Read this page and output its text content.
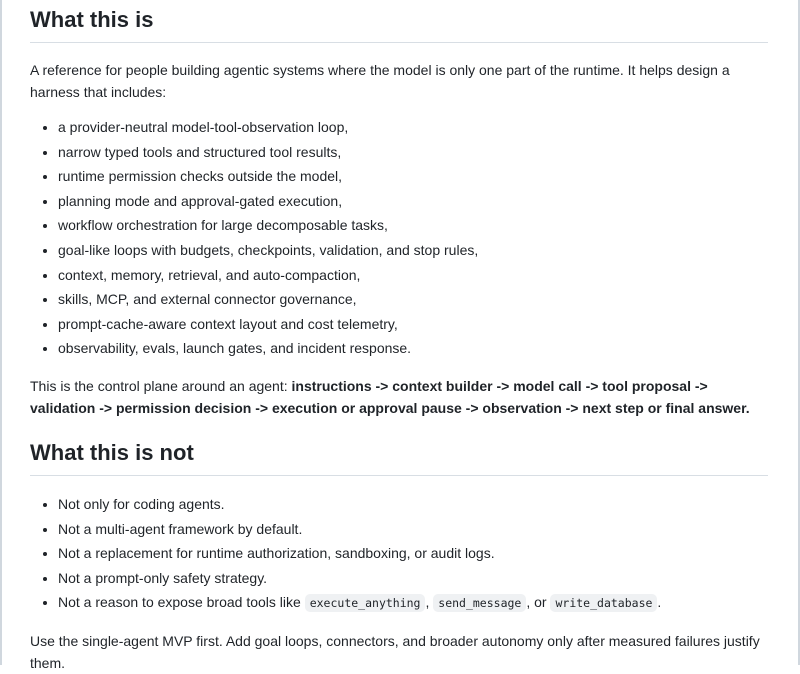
What this is

A reference for people building agentic systems where the model is only one part of the runtime. It helps design a harness that includes:

• a provider-neutral model-tool-observation loop,
• narrow typed tools and structured tool results,
• runtime permission checks outside the model,
• planning mode and approval-gated execution,
• workflow orchestration for large decomposable tasks,
• goal-like loops with budgets, checkpoints, validation, and stop rules,
• context, memory, retrieval, and auto-compaction,
• skills, MCP, and external connector governance,
• prompt-cache-aware context layout and cost telemetry,
• observability, evals, launch gates, and incident response.

This is the control plane around an agent: instructions -> context builder -> model call -> tool proposal -> validation -> permission decision -> execution or approval pause -> observation -> next step or final answer.

What this is not
• Not only for coding agents.
• Not a multi-agent framework by default.
• Not a replacement for runtime authorization, sandboxing, or audit logs.
• Not a prompt-only safety strategy.
• Not a reason to expose broad tools like execute_anything , send_message , or write_database .

Use the single-agent MVP first. Add goal loops, connectors, and broader autonomy only after measured failures justify them.
